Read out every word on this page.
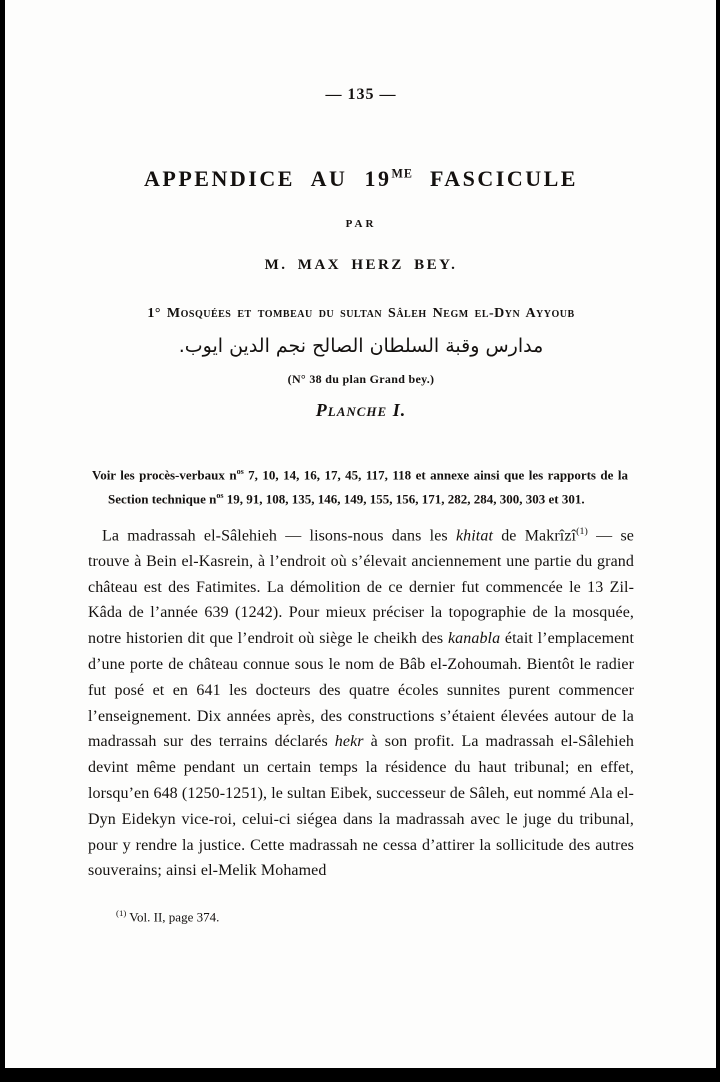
— 135 —
APPENDICE AU $19^{ME}$ FASCICULE
PAR
M. MAX HERZ BEY.
1° Mosquées et tombeau du sultan Sâleh Negm el-Dyn Ayyoub
مدارس وقبة السلطان الصالح نجم الدين ايوب.
(N° 38 du plan Grand bey.)
Planche I.

Voir les procès-verbaux $n^{os}$ 7, 10, 14, 16, 17, 45, 117, 118 et annexe ainsi que les rapports de la Section technique $n^{os}$ 19, 91, 108, 135, 146, 149, 155, 156, 171, 282, 284, 300, 303 et 301.

La madrassah el-Sâlehieh — lisons-nous dans les khitat de Makrîzî$^{(1)}$ — se trouve à Bein el-Kasrein, à l’endroit où s’élevait anciennement une partie du grand château est des Fatimites. La démolition de ce dernier fut commencée le 13 Zil-Kâda de l’année 639 (1242). Pour mieux préciser la topographie de la mosquée, notre historien dit que l’endroit où siège le cheikh des kanabla était l’emplacement d’une porte de château connue sous le nom de Bâb el-Zohoumah. Bientôt le radier fut posé et en 641 les docteurs des quatre écoles sunnites purent commencer l’enseignement. Dix années après, des constructions s’étaient élevées autour de la madrassah sur des terrains déclarés hekr à son profit. La madrassah el-Sâlehieh devint même pendant un certain temps la résidence du haut tribunal; en effet, lorsqu’en 648 (1250-1251), le sultan Eibek, successeur de Sâleh, eut nommé Ala el-Dyn Eidekyn vice-roi, celui-ci siégea dans la madrassah avec le juge du tribunal, pour y rendre la justice. Cette madrassah ne cessa d’attirer la sollicitude des autres souverains; ainsi el-Melik Mohamed

$^{(1)}$ Vol. II, page 374.
